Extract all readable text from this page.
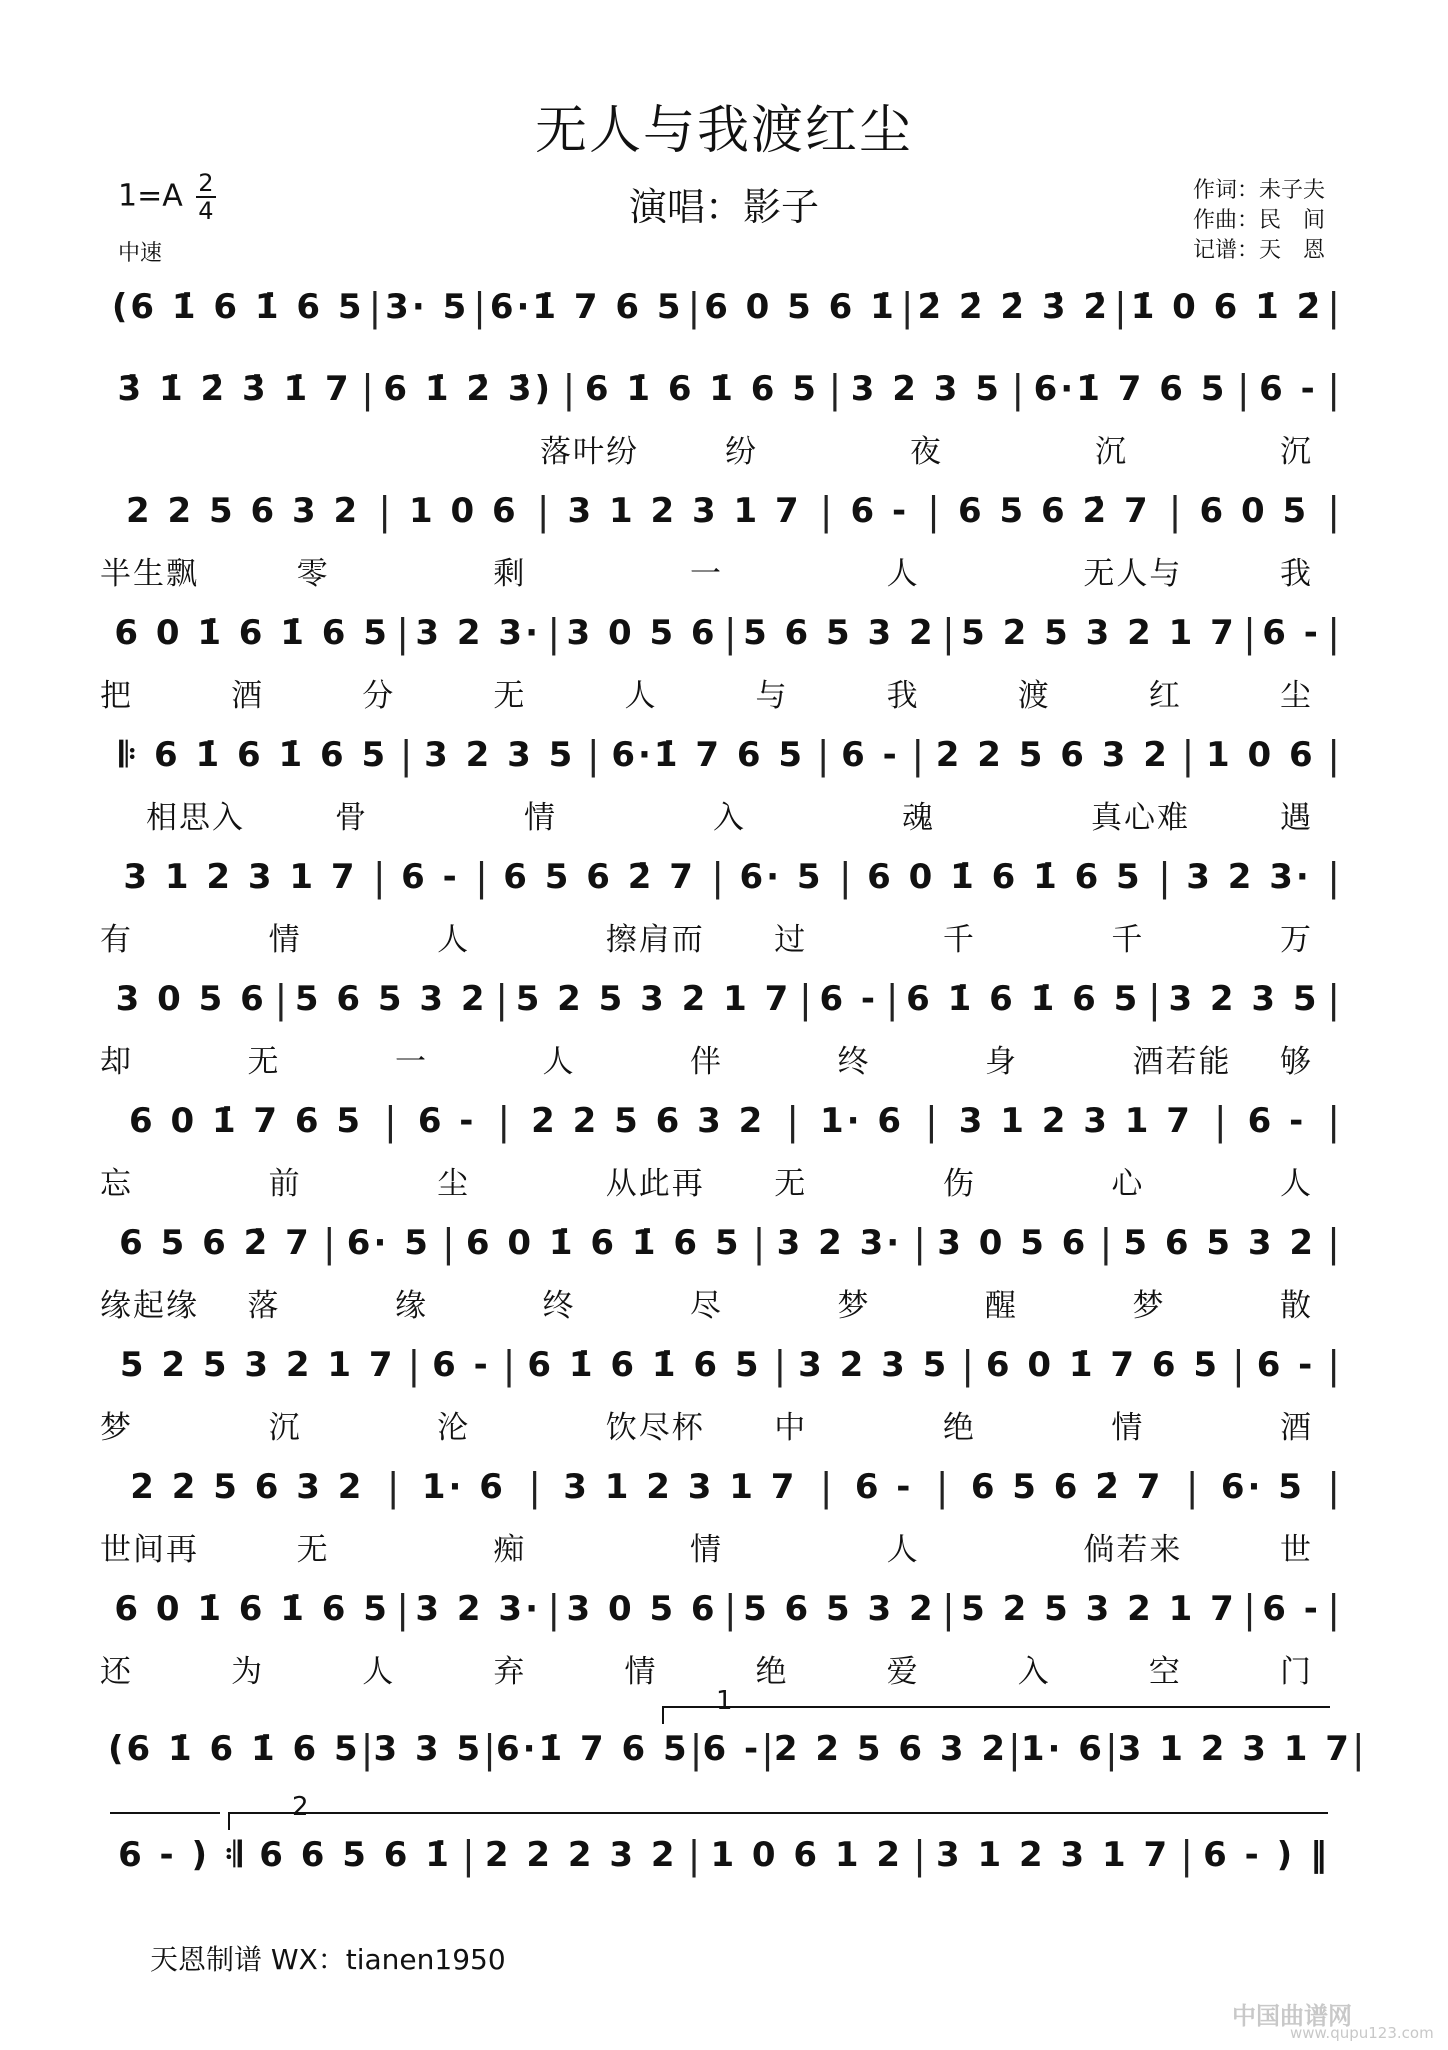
无人与我渡红尘
演唱：影子
$1=A \frac{2}{4}$
中速
作词：未子夫
作曲：民　间
记谱：天　恩
(6 1̇ 6 1̇ 6 5 | 3· 5 | 6·1̇ 7 6 5 | 6 0 5 6 1̇ | 2̇ 2̇ 2̇ 3̇ 2̇ | 1̇ 0 6 1̇ 2̇ |
3̇ 1̇ 2̇ 3̇ 1̇ 7 | 6 1̇ 2̇ 3̇) | 6 1̇ 6 1̇ 6 5 | 3 2 3 5 | 6·1̇ 7 6 5 | 6 - |
落叶纷	纷	夜	沉	沉
2 2 5 6 3 2 | 1 0 6 | 3 1 2 3 1 7 | 6 - | 6 5 6 2̇ 7 | 6 0 5 |
半生飘	零	剩	一	人	无人与	我
6 0 1̇ 6 1̇ 6 5 | 3 2 3· | 3 0 5 6 | 5 6 5 3 2 | 5 2 5 3 2 1 7 | 6 - |
把	酒	分	无	人	与	我	渡	红	尘
𝄆 6 1̇ 6 1̇ 6 5 | 3 2 3 5 | 6·1̇ 7 6 5 | 6 - | 2 2 5 6 3 2 | 1 0 6 |
相思入	骨	情	入	魂	真心难	遇
3 1 2 3 1 7 | 6 - | 6 5 6 2̇ 7 | 6· 5 | 6 0 1̇ 6 1̇ 6 5 | 3 2 3· |
有	情	人	擦肩而 过	千	千	万
3 0 5 6 | 5 6 5 3 2 | 5 2 5 3 2 1 7 | 6 - | 6 1̇ 6 1̇ 6 5 | 3 2 3 5 |
却	无	一	人	伴	终	身	酒若能 够
6 0 1̇ 7 6 5 | 6 - | 2 2 5 6 3 2 | 1· 6 | 3 1 2 3 1 7 | 6 - |
忘	前	尘	从此再 无	伤	心	人
6 5 6 2̇ 7 | 6· 5 | 6 0 1̇ 6 1̇ 6 5 | 3 2 3· | 3 0 5 6 | 5 6 5 3 2 |
缘起缘 落	缘	终	尽	梦	醒	梦	散
5 2 5 3 2 1 7 | 6 - | 6 1̇ 6 1̇ 6 5 | 3 2 3 5 | 6 0 1̇ 7 6 5 | 6 - |
梦	沉	沦	饮尽杯 中	绝	情	酒
2 2 5 6 3 2 | 1· 6 | 3 1 2 3 1 7 | 6 - | 6 5 6 2̇ 7 | 6· 5 |
世间再	无	痴	情	人	倘若来	世
6 0 1̇ 6 1̇ 6 5 | 3 2 3· | 3 0 5 6 | 5 6 5 3 2 | 5 2 5 3 2 1 7 | 6 - |
还	为	人	弃	情	绝	爱	入	空	门
1
(6 1̇ 6 1̇ 6 5 | 3 3 5 | 6·1̇ 7 6 5 | 6 - | 2 2 5 6 3 2 | 1· 6 | 3 1 2 3 1 7 |
2
6 - ) 𝄇 6 6 5 6 1̇ | 2 2 2 3 2 | 1 0 6 1 2 | 3 1 2 3 1 7 | 6 - ) ‖
天恩制谱 WX：tianen1950
中国曲谱网
www.qupu123.com
